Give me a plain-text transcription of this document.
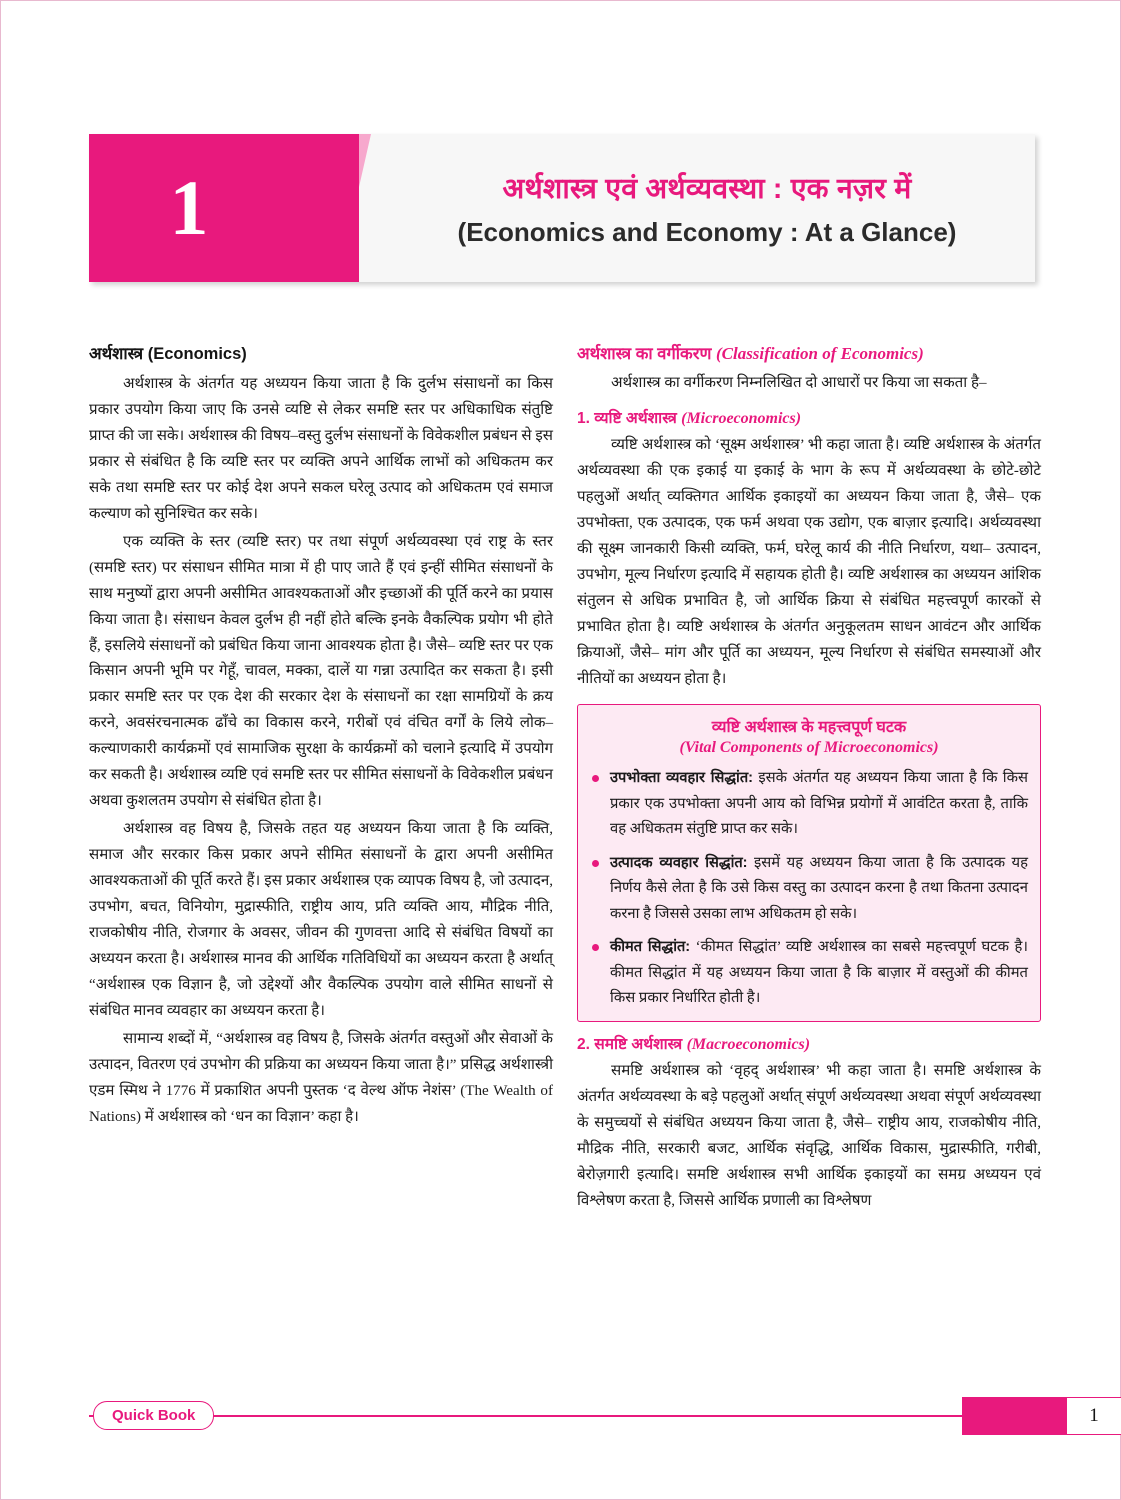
1	अर्थशास्त्र एवं अर्थव्यवस्था : एक नज़र में
(Economics and Economy : At a Glance)
अर्थशास्त्र (Economics)

अर्थशास्त्र के अंतर्गत यह अध्ययन किया जाता है कि दुर्लभ संसाधनों का किस प्रकार उपयोग किया जाए कि उनसे व्यष्टि से लेकर समष्टि स्तर पर अधिकाधिक संतुष्टि प्राप्त की जा सके। अर्थशास्त्र की विषय–वस्तु दुर्लभ संसाधनों के विवेकशील प्रबंधन से इस प्रकार से संबंधित है कि व्यष्टि स्तर पर व्यक्ति अपने आर्थिक लाभों को अधिकतम कर सके तथा समष्टि स्तर पर कोई देश अपने सकल घरेलू उत्पाद को अधिकतम एवं समाज कल्याण को सुनिश्चित कर सके।

एक व्यक्ति के स्तर (व्यष्टि स्तर) पर तथा संपूर्ण अर्थव्यवस्था एवं राष्ट्र के स्तर (समष्टि स्तर) पर संसाधन सीमित मात्रा में ही पाए जाते हैं एवं इन्हीं सीमित संसाधनों के साथ मनुष्यों द्वारा अपनी असीमित आवश्यकताओं और इच्छाओं की पूर्ति करने का प्रयास किया जाता है। संसाधन केवल दुर्लभ ही नहीं होते बल्कि इनके वैकल्पिक प्रयोग भी होते हैं, इसलिये संसाधनों को प्रबंधित किया जाना आवश्यक होता है। जैसे– व्यष्टि स्तर पर एक किसान अपनी भूमि पर गेहूँ, चावल, मक्का, दालें या गन्ना उत्पादित कर सकता है। इसी प्रकार समष्टि स्तर पर एक देश की सरकार देश के संसाधनों का रक्षा सामग्रियों के क्रय करने, अवसंरचनात्मक ढाँचे का विकास करने, गरीबों एवं वंचित वर्गों के लिये लोक–कल्याणकारी कार्यक्रमों एवं सामाजिक सुरक्षा के कार्यक्रमों को चलाने इत्यादि में उपयोग कर सकती है। अर्थशास्त्र व्यष्टि एवं समष्टि स्तर पर सीमित संसाधनों के विवेकशील प्रबंधन अथवा कुशलतम उपयोग से संबंधित होता है।

अर्थशास्त्र वह विषय है, जिसके तहत यह अध्ययन किया जाता है कि व्यक्ति, समाज और सरकार किस प्रकार अपने सीमित संसाधनों के द्वारा अपनी असीमित आवश्यकताओं की पूर्ति करते हैं। इस प्रकार अर्थशास्त्र एक व्यापक विषय है, जो उत्पादन, उपभोग, बचत, विनियोग, मुद्रास्फीति, राष्ट्रीय आय, प्रति व्यक्ति आय, मौद्रिक नीति, राजकोषीय नीति, रोजगार के अवसर, जीवन की गुणवत्ता आदि से संबंधित विषयों का अध्ययन करता है। अर्थशास्त्र मानव की आर्थिक गतिविधियों का अध्ययन करता है अर्थात् “अर्थशास्त्र एक विज्ञान है, जो उद्देश्यों और वैकल्पिक उपयोग वाले सीमित साधनों से संबंधित मानव व्यवहार का अध्ययन करता है।

सामान्य शब्दों में, “अर्थशास्त्र वह विषय है, जिसके अंतर्गत वस्तुओं और सेवाओं के उत्पादन, वितरण एवं उपभोग की प्रक्रिया का अध्ययन किया जाता है।” प्रसिद्ध अर्थशास्त्री एडम स्मिथ ने 1776 में प्रकाशित अपनी पुस्तक ‘द वेल्थ ऑफ नेशंस’ (The Wealth of Nations) में अर्थशास्त्र को ‘धन का विज्ञान’ कहा है।

अर्थशास्त्र का वर्गीकरण (Classification of Economics)

अर्थशास्त्र का वर्गीकरण निम्नलिखित दो आधारों पर किया जा सकता है–

1. व्यष्टि अर्थशास्त्र (Microeconomics)

व्यष्टि अर्थशास्त्र को ‘सूक्ष्म अर्थशास्त्र’ भी कहा जाता है। व्यष्टि अर्थशास्त्र के अंतर्गत अर्थव्यवस्था की एक इकाई या इकाई के भाग के रूप में अर्थव्यवस्था के छोटे-छोटे पहलुओं अर्थात् व्यक्तिगत आर्थिक इकाइयों का अध्ययन किया जाता है, जैसे– एक उपभोक्ता, एक उत्पादक, एक फर्म अथवा एक उद्योग, एक बाज़ार इत्यादि। अर्थव्यवस्था की सूक्ष्म जानकारी किसी व्यक्ति, फर्म, घरेलू कार्य की नीति निर्धारण, यथा– उत्पादन, उपभोग, मूल्य निर्धारण इत्यादि में सहायक होती है। व्यष्टि अर्थशास्त्र का अध्ययन आंशिक संतुलन से अधिक प्रभावित है, जो आर्थिक क्रिया से संबंधित महत्त्वपूर्ण कारकों से प्रभावित होता है। व्यष्टि अर्थशास्त्र के अंतर्गत अनुकूलतम साधन आवंटन और आर्थिक क्रियाओं, जैसे– मांग और पूर्ति का अध्ययन, मूल्य निर्धारण से संबंधित समस्याओं और नीतियों का अध्ययन होता है।

व्यष्टि अर्थशास्त्र के महत्त्वपूर्ण घटक
(Vital Components of Microeconomics)
उपभोक्ता व्यवहार सिद्धांत: इसके अंतर्गत यह अध्ययन किया जाता है कि किस प्रकार एक उपभोक्ता अपनी आय को विभिन्न प्रयोगों में आवंटित करता है, ताकि वह अधिकतम संतुष्टि प्राप्त कर सके।
उत्पादक व्यवहार सिद्धांत: इसमें यह अध्ययन किया जाता है कि उत्पादक यह निर्णय कैसे लेता है कि उसे किस वस्तु का उत्पादन करना है तथा कितना उत्पादन करना है जिससे उसका लाभ अधिकतम हो सके।
कीमत सिद्धांत: ‘कीमत सिद्धांत’ व्यष्टि अर्थशास्त्र का सबसे महत्त्वपूर्ण घटक है। कीमत सिद्धांत में यह अध्ययन किया जाता है कि बाज़ार में वस्तुओं की कीमत किस प्रकार निर्धारित होती है।
2. समष्टि अर्थशास्त्र (Macroeconomics)

समष्टि अर्थशास्त्र को ‘वृहद् अर्थशास्त्र’ भी कहा जाता है। समष्टि अर्थशास्त्र के अंतर्गत अर्थव्यवस्था के बड़े पहलुओं अर्थात् संपूर्ण अर्थव्यवस्था अथवा संपूर्ण अर्थव्यवस्था के समुच्चयों से संबंधित अध्ययन किया जाता है, जैसे– राष्ट्रीय आय, राजकोषीय नीति, मौद्रिक नीति, सरकारी बजट, आर्थिक संवृद्धि, आर्थिक विकास, मुद्रास्फीति, गरीबी, बेरोज़गारी इत्यादि। समष्टि अर्थशास्त्र सभी आर्थिक इकाइयों का समग्र अध्ययन एवं विश्लेषण करता है, जिससे आर्थिक प्रणाली का विश्लेषण

Quick Book	1
